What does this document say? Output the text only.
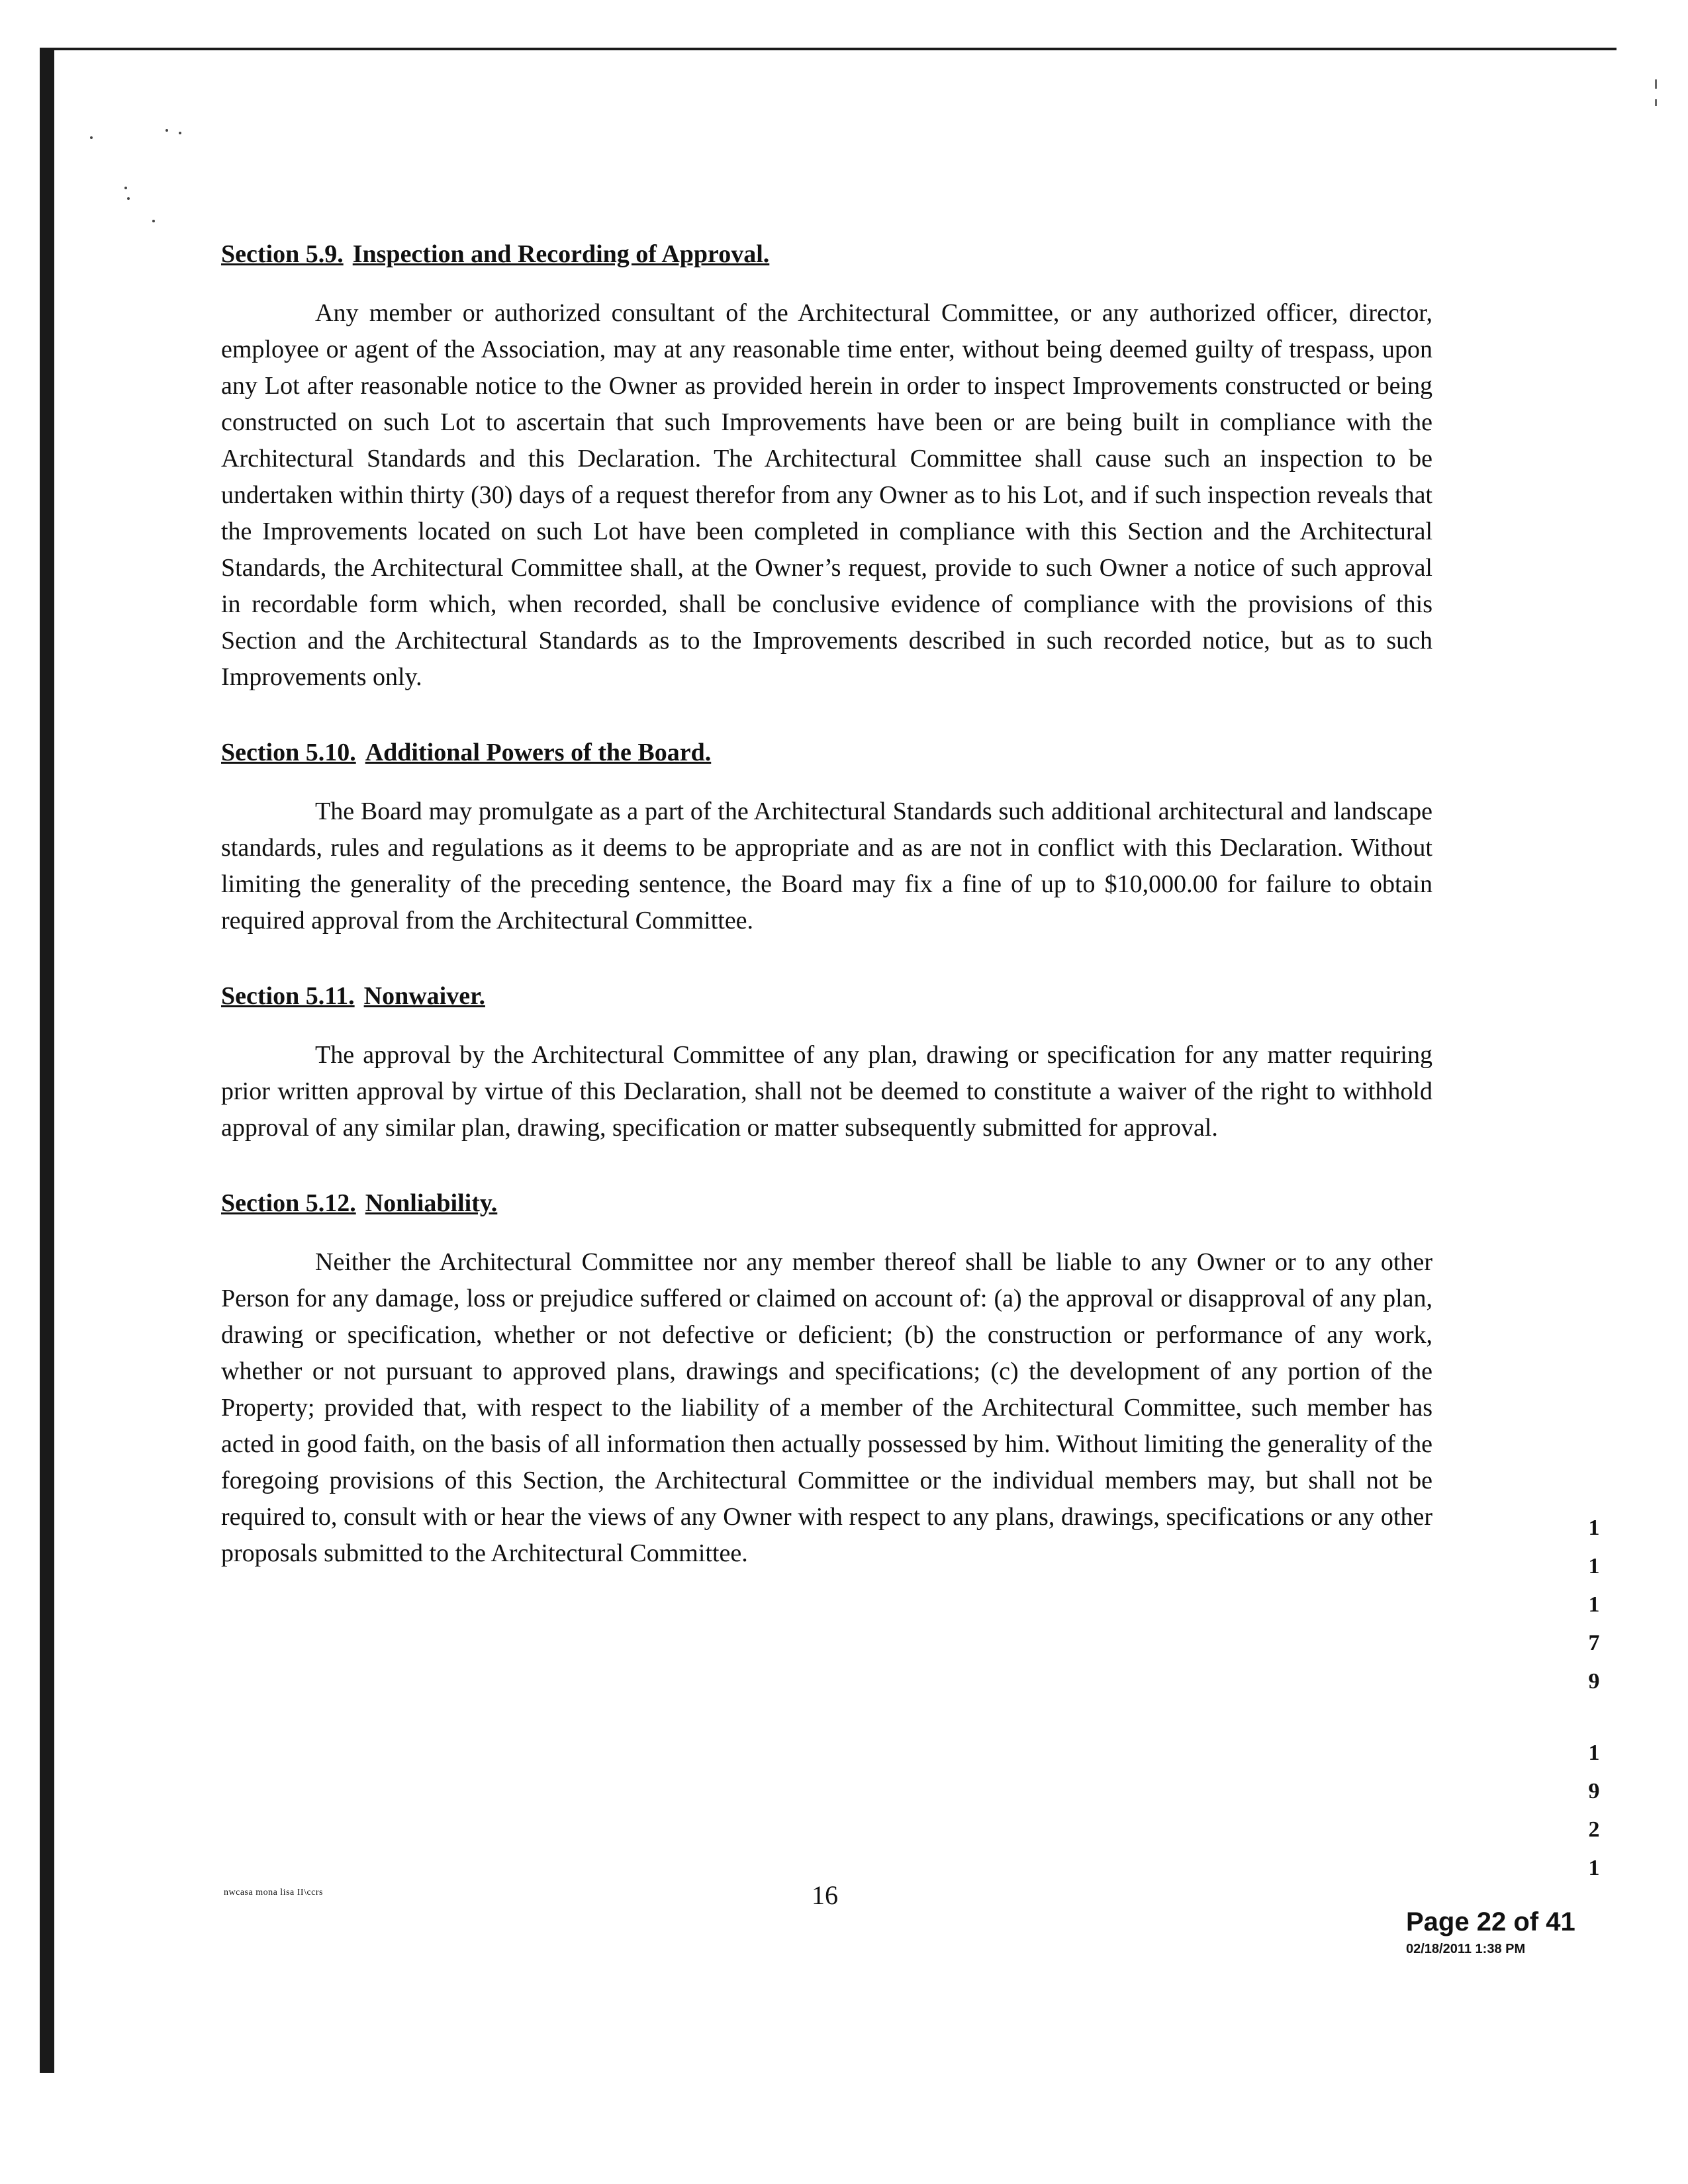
Section 5.9. Inspection and Recording of Approval.

Any member or authorized consultant of the Architectural Committee, or any authorized officer, director, employee or agent of the Association, may at any reasonable time enter, without being deemed guilty of trespass, upon any Lot after reasonable notice to the Owner as provided herein in order to inspect Improvements constructed or being constructed on such Lot to ascertain that such Improvements have been or are being built in compliance with the Architectural Standards and this Declaration. The Architectural Committee shall cause such an inspection to be undertaken within thirty (30) days of a request therefor from any Owner as to his Lot, and if such inspection reveals that the Improvements located on such Lot have been completed in compliance with this Section and the Architectural Standards, the Architectural Committee shall, at the Owner’s request, provide to such Owner a notice of such approval in recordable form which, when recorded, shall be conclusive evidence of compliance with the provisions of this Section and the Architectural Standards as to the Improvements described in such recorded notice, but as to such Improvements only.

Section 5.10. Additional Powers of the Board.

The Board may promulgate as a part of the Architectural Standards such additional architectural and landscape standards, rules and regulations as it deems to be appropriate and as are not in conflict with this Declaration. Without limiting the generality of the preceding sentence, the Board may fix a fine of up to $10,000.00 for failure to obtain required approval from the Architectural Committee.

Section 5.11. Nonwaiver.

The approval by the Architectural Committee of any plan, drawing or specification for any matter requiring prior written approval by virtue of this Declaration, shall not be deemed to constitute a waiver of the right to withhold approval of any similar plan, drawing, specification or matter subsequently submitted for approval.

Section 5.12. Nonliability.

Neither the Architectural Committee nor any member thereof shall be liable to any Owner or to any other Person for any damage, loss or prejudice suffered or claimed on account of: (a) the approval or disapproval of any plan, drawing or specification, whether or not defective or deficient; (b) the construction or performance of any work, whether or not pursuant to approved plans, drawings and specifications; (c) the development of any portion of the Property; provided that, with respect to the liability of a member of the Architectural Committee, such member has acted in good faith, on the basis of all information then actually possessed by him. Without limiting the generality of the foregoing provisions of this Section, the Architectural Committee or the individual members may, but shall not be required to, consult with or hear the views of any Owner with respect to any plans, drawings, specifications or any other proposals submitted to the Architectural Committee.

1
1
1
7
9
1
9
2
1
nwcasa mona lisa II\ccrs	16
Page 22 of 41
02/18/2011 1:38 PM
